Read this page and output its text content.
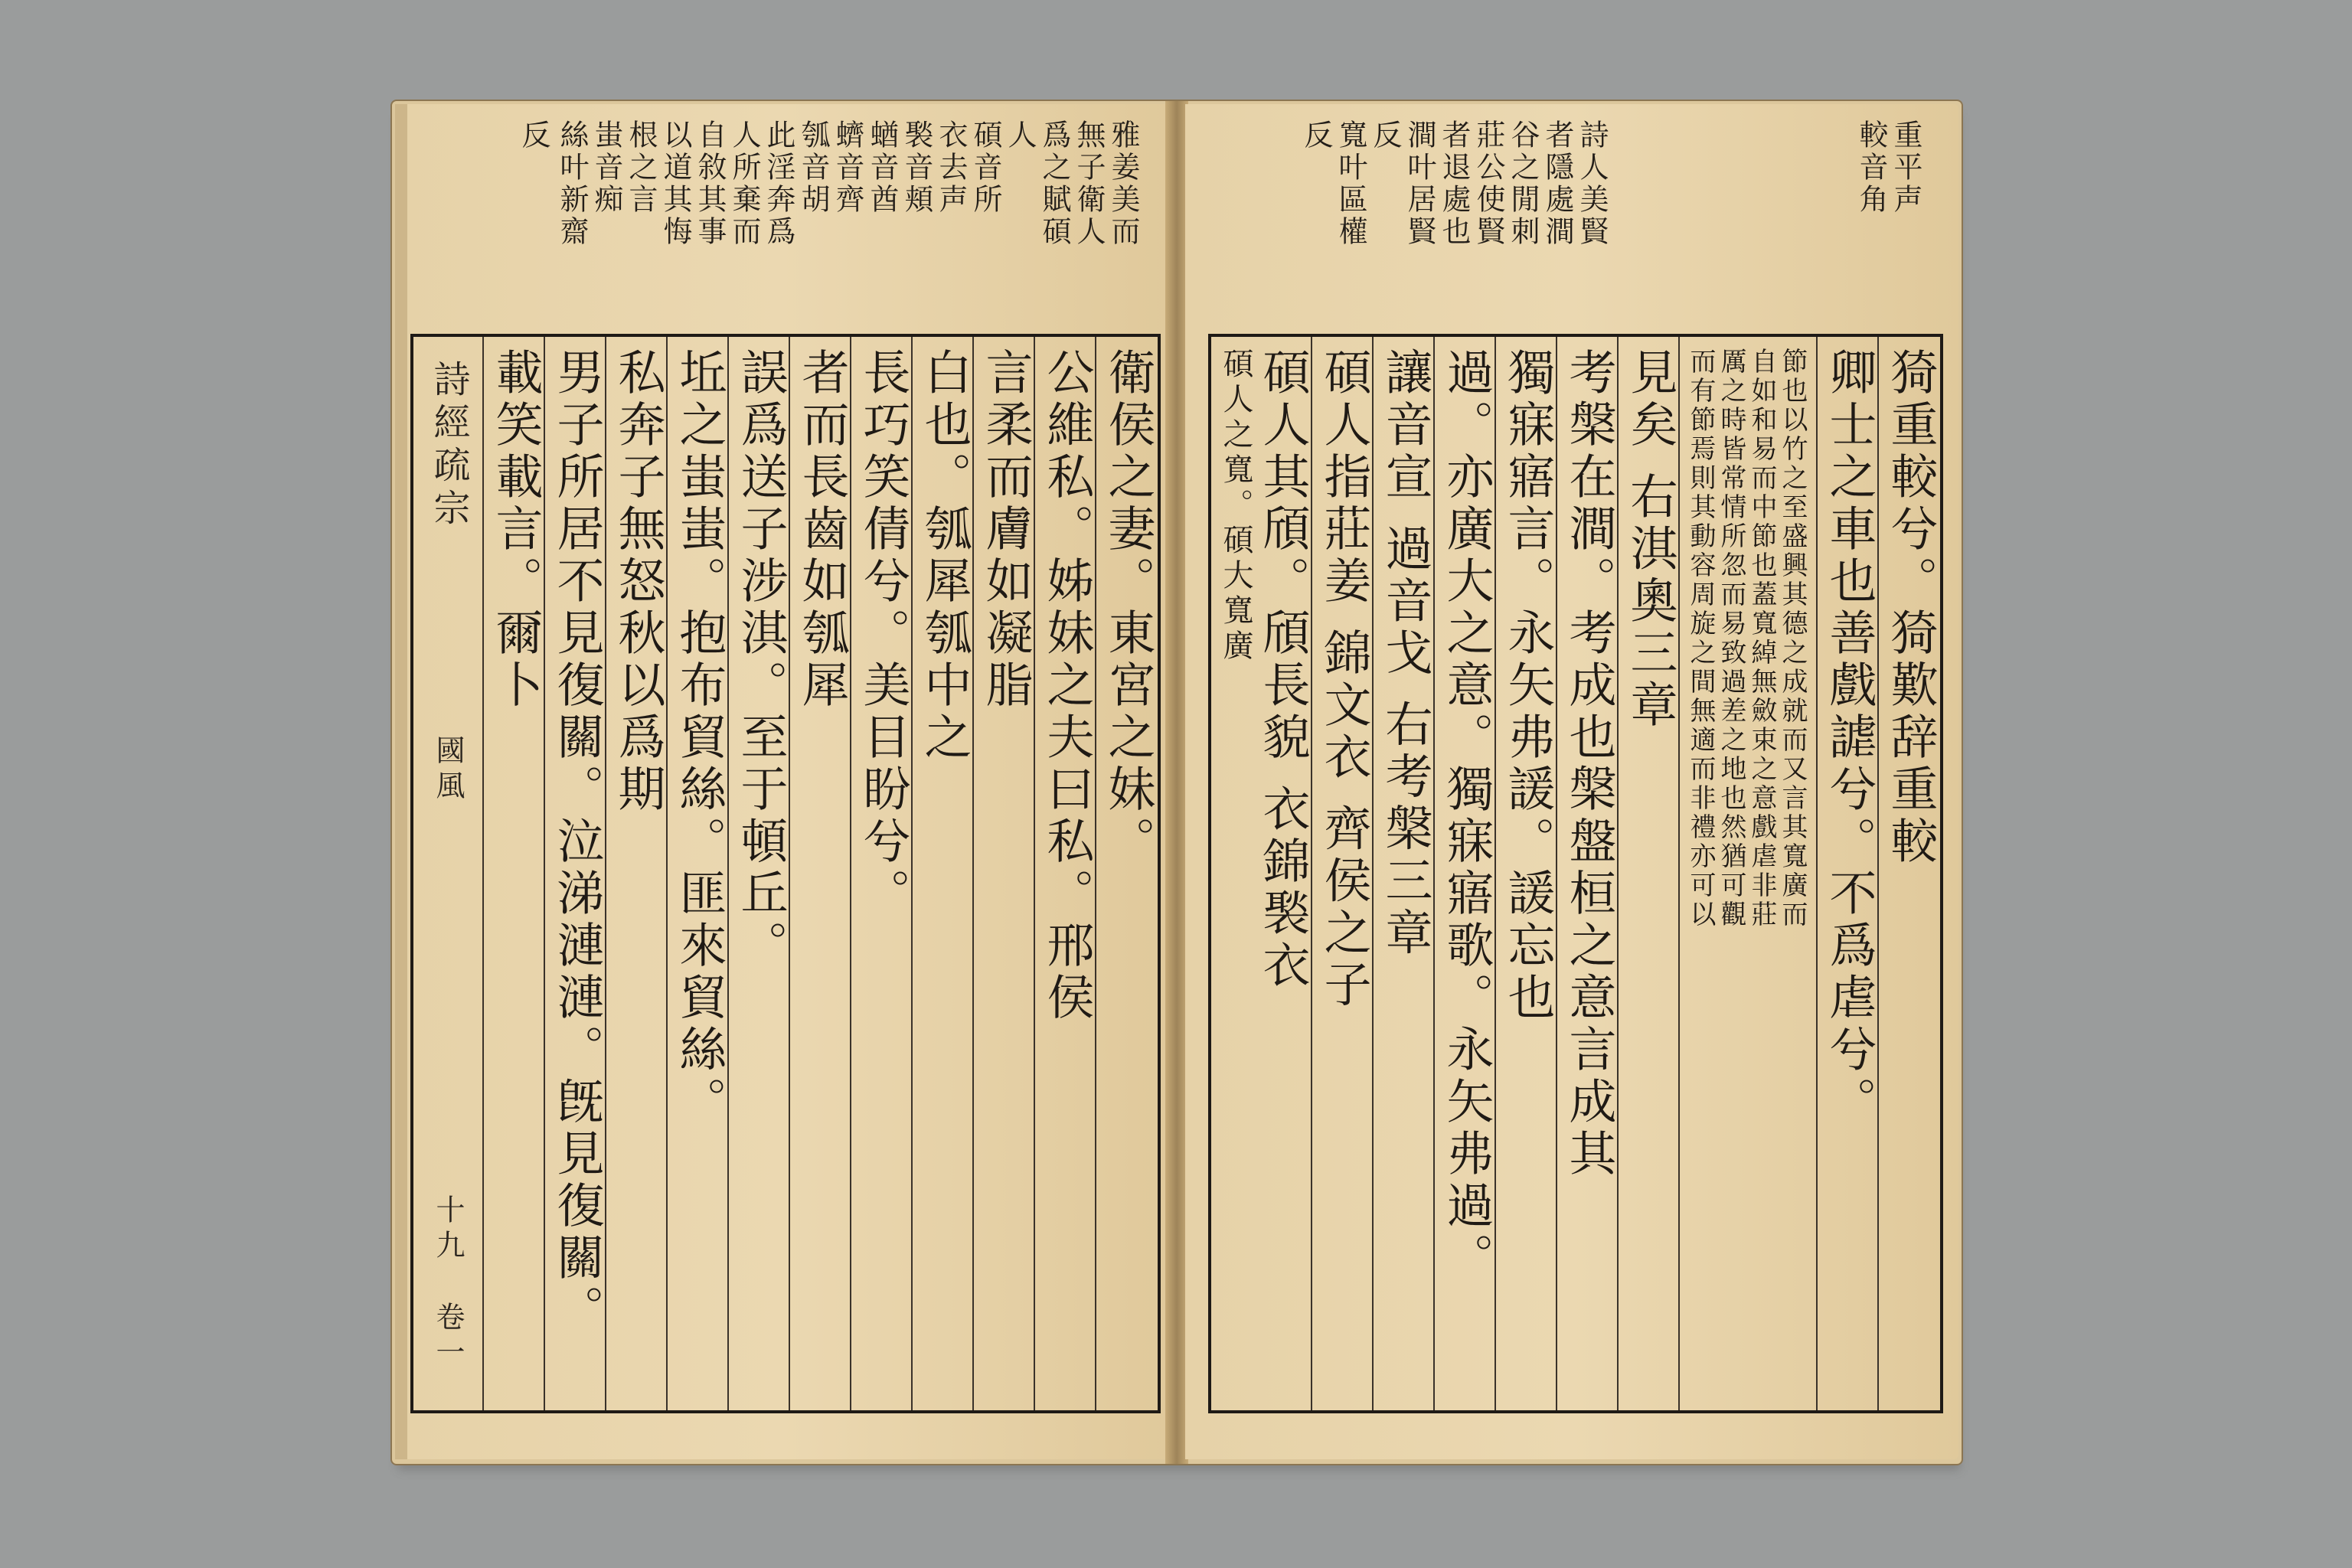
雅姜美而
無子衛人
爲之賦碩
人
碩音所
衣去声
褧音頬
蝤音酋
蠐音齊
瓠音胡
此淫奔爲
人所棄而
自敘其事
以道其悔
根之言
蚩音痴
絲叶新齋
反
衛侯之妻。東宮之妹。
公維私。姊妹之夫曰私。邢侯
言柔而膚如凝脂
白也。瓠犀瓠中之
長巧笑倩兮。美目盼兮。
者而長齒如瓠犀
誤爲送子涉淇。至于頓丘。
坵之蚩蚩。抱布貿絲。匪來貿絲。
私奔子無怒秋以爲期
男子所居不見復關。泣涕漣漣。旣見復關。
載笑載言。爾卜
詩經疏宗
國風
十九
卷一
重平声
較音角
詩人美賢
者隱處澗
谷之閒刺
莊公使賢
者退處也
澗叶居賢
反
寬叶區權
反
猗重較兮。猗歎辞重較
卿士之車也善戲謔兮。不爲虐兮。
節也以竹之至盛興其德之成就而又言其寬廣而
自如和易而中節也蓋寬綽無斂束之意戲虐非莊
厲之時皆常情所忽而易致過差之地也然猶可觀
而有節焉則其動容周旋之間無適而非禮亦可以
見矣 右淇奧三章
考槃在澗。考成也槃盤桓之意言成其
獨寐寤言。永矢弗諼。諼忘也
過。亦廣大之意。獨寐寤歌。永矢弗過。
讓音宣 過音戈 右考槃三章
碩人指莊姜 錦文衣 齊侯之子
碩人其頎。頎長貌 衣錦褧衣
碩人之寬。碩大寬廣
